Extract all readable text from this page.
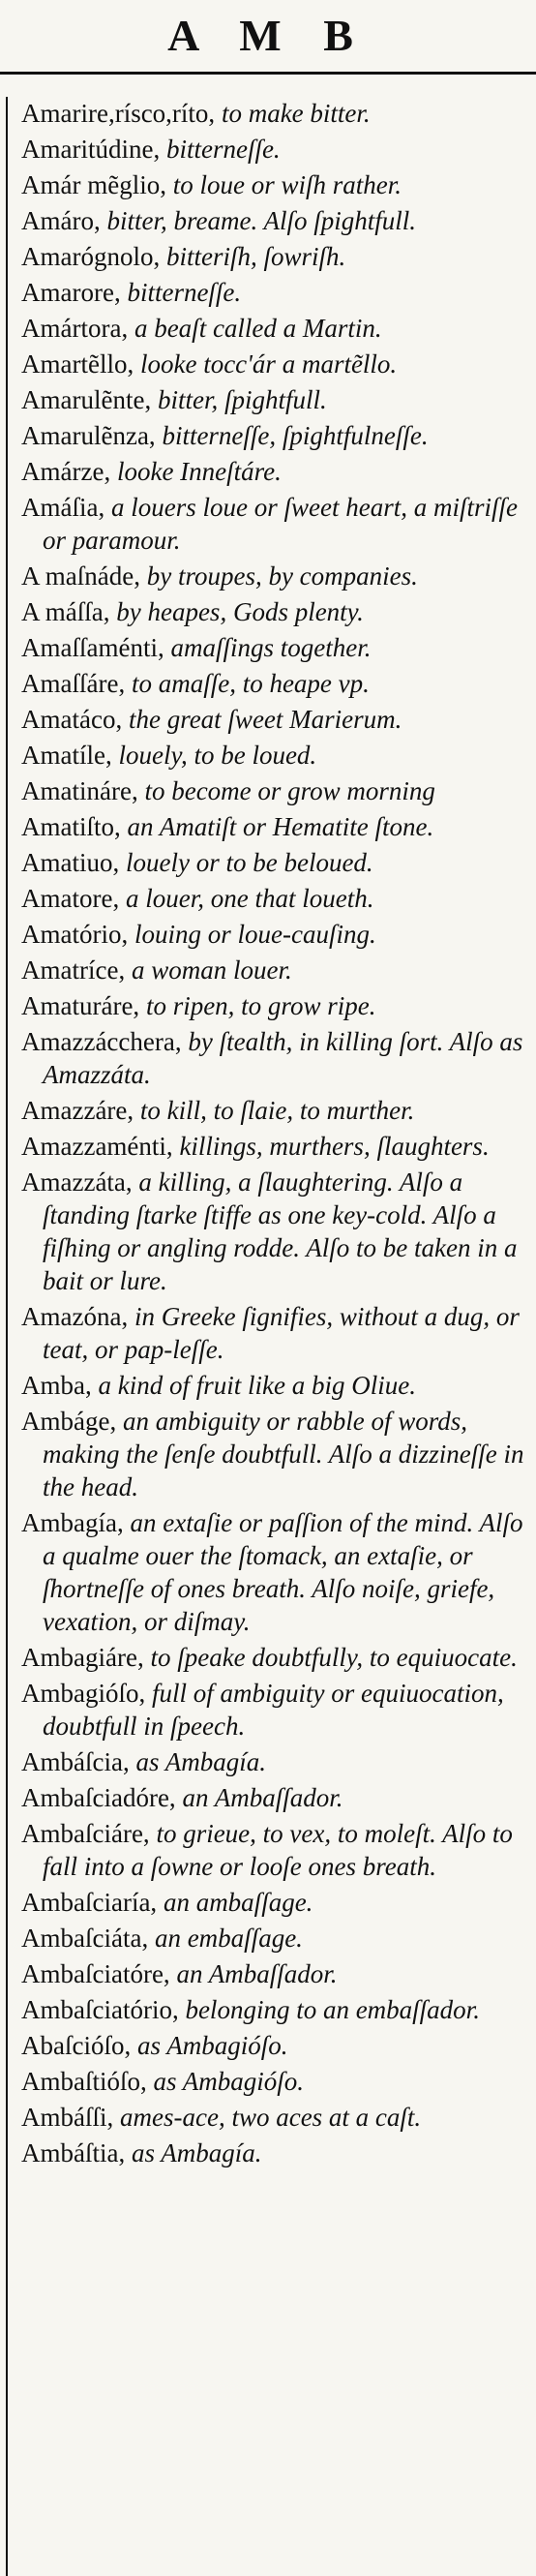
A M B

Amarire,rísco,ríto, to make bitter.

Amaritúdine, bitterneſſe.

Amár mẽglio, to loue or wiſh rather.

Amáro, bitter, breame. Alſo ſpightfull.

Amarógnolo, bitteriſh, ſowriſh.

Amarore, bitterneſſe.

Amártora, a beaſt called a Martin.

Amartẽllo, looke tocc'ár a martẽllo.

Amarulẽnte, bitter, ſpightfull.

Amarulẽnza, bitterneſſe, ſpightfulneſſe.

Amárze, looke Inneſtáre.

Amáſia, a louers loue or ſweet heart, a miſtriſſe or paramour.

A maſnáde, by troupes, by companies.

A máſſa, by heapes, Gods plenty.

Amaſſaménti, amaſſings together.

Amaſſáre, to amaſſe, to heape vp.

Amatáco, the great ſweet Marierum.

Amatíle, louely, to be loued.

Amatináre, to become or grow morning

Amatiſto, an Amatiſt or Hematite ſtone.

Amatiuo, louely or to be beloued.

Amatore, a louer, one that loueth.

Amatório, louing or loue-cauſing.

Amatríce, a woman louer.

Amaturáre, to ripen, to grow ripe.

Amazzácchera, by ſtealth, in killing ſort. Alſo as Amazzáta.

Amazzáre, to kill, to ſlaie, to murther.

Amazzaménti, killings, murthers, ſlaughters.

Amazzáta, a killing, a ſlaughtering. Alſo a ſtanding ſtarke ſtiffe as one key-cold. Alſo a fiſhing or angling rodde. Alſo to be taken in a bait or lure.

Amazóna, in Greeke ſignifies, without a dug, or teat, or pap-leſſe.

Amba, a kind of fruit like a big Oliue.

Ambáge, an ambiguity or rabble of words, making the ſenſe doubtfull. Alſo a dizzineſſe in the head.

Ambagía, an extaſie or paſſion of the mind. Alſo a qualme ouer the ſtomack, an extaſie, or ſhortneſſe of ones breath. Alſo noiſe, griefe, vexation, or diſmay.

Ambagiáre, to ſpeake doubtfully, to equiuocate.

Ambagióſo, full of ambiguity or equiuocation, doubtfull in ſpeech.

Ambáſcia, as Ambagía.

Ambaſciadóre, an Ambaſſador.

Ambaſciáre, to grieue, to vex, to moleſt. Alſo to fall into a ſowne or looſe ones breath.

Ambaſciaría, an ambaſſage.

Ambaſciáta, an embaſſage.

Ambaſciatóre, an Ambaſſador.

Ambaſciatório, belonging to an embaſſador.

Abaſcióſo, as Ambagióſo.

Ambaſtióſo, as Ambagióſo.

Ambáſſi, ames-ace, two aces at a caſt.

Ambáſtia, as Ambagía.
